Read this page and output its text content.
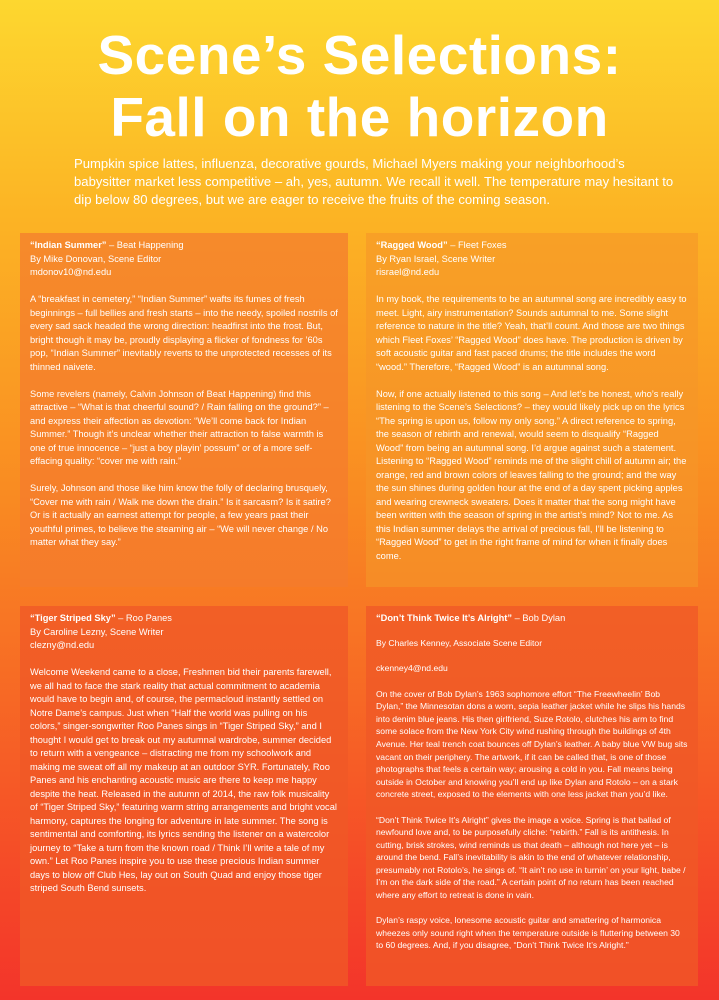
Scene’s Selections:
Fall on the horizon
Pumpkin spice lattes, influenza, decorative gourds, Michael Myers making your neighborhood’s babysitter market less competitive – ah, yes, autumn. We recall it well. The temperature may hesitant to dip below 80 degrees, but we are eager to receive the fruits of the coming season.

“Indian Summer” – Beat Happening

By Mike Donovan, Scene Editor

mdonov10@nd.edu

A “breakfast in cemetery,” “Indian Summer” wafts its fumes of fresh beginnings – full bellies and fresh starts – into the needy, spoiled nostrils of every sad sack headed the wrong direction: headfirst into the frost. But, bright though it may be, proudly displaying a flicker of fondness for ’60s pop, “Indian Summer” inevitably reverts to the unprotected recesses of its thinned naivete.

Some revelers (namely, Calvin Johnson of Beat Happening) find this attractive – “What is that cheerful sound? / Rain falling on the ground?” – and express their affection as devotion: “We’ll come back for Indian Summer.” Though it’s unclear whether their attraction to false warmth is one of true innocence – “just a boy playin’ possum” or of a more self-effacing quality: “cover me with rain.”

Surely, Johnson and those like him know the folly of declaring brusquely, “Cover me with rain / Walk me down the drain.” Is it sarcasm? Is it satire? Or is it actually an earnest attempt for people, a few years past their youthful primes, to believe the steaming air – “We will never change / No matter what they say.”

“Ragged Wood” – Fleet Foxes

By Ryan Israel, Scene Writer

risrael@nd.edu

In my book, the requirements to be an autumnal song are incredibly easy to meet. Light, airy instrumentation? Sounds autumnal to me. Some slight reference to nature in the title? Yeah, that’ll count. And those are two things which Fleet Foxes’ “Ragged Wood” does have. The production is driven by soft acoustic guitar and fast paced drums; the title includes the word “wood.” Therefore, “Ragged Wood” is an autumnal song.

Now, if one actually listened to this song – And let’s be honest, who’s really listening to the Scene’s Selections? – they would likely pick up on the lyrics “The spring is upon us, follow my only song.” A direct reference to spring, the season of rebirth and renewal, would seem to disqualify “Ragged Wood” from being an autumnal song. I’d argue against such a statement. Listening to “Ragged Wood” reminds me of the slight chill of autumn air; the orange, red and brown colors of leaves falling to the ground; and the way the sun shines during golden hour at the end of a day spent picking apples and wearing crewneck sweaters. Does it matter that the song might have been written with the season of spring in the artist’s mind? Not to me. As this Indian summer delays the arrival of precious fall, I’ll be listening to “Ragged Wood” to get in the right frame of mind for when it finally does come.

“Tiger Striped Sky” – Roo Panes

By Caroline Lezny, Scene Writer

clezny@nd.edu

Welcome Weekend came to a close, Freshmen bid their parents farewell, we all had to face the stark reality that actual commitment to academia would have to begin and, of course, the permacloud instantly settled on Notre Dame’s campus. Just when “Half the world was pulling on his colors,” singer-songwriter Roo Panes sings in “Tiger Striped Sky,” and I thought I would get to break out my autumnal wardrobe, summer decided to return with a vengeance – distracting me from my schoolwork and making me sweat off all my makeup at an outdoor SYR. Fortunately, Roo Panes and his enchanting acoustic music are there to keep me happy despite the heat. Released in the autumn of 2014, the raw folk musicality of “Tiger Striped Sky,” featuring warm string arrangements and bright vocal harmony, captures the longing for adventure in late summer. The song is sentimental and comforting, its lyrics sending the listener on a watercolor journey to “Take a turn from the known road / Think I’ll write a tale of my own.” Let Roo Panes inspire you to use these precious Indian summer days to blow off Club Hes, lay out on South Quad and enjoy those tiger striped South Bend sunsets.

“Don’t Think Twice It’s Alright” – Bob Dylan

By Charles Kenney, Associate Scene Editor

ckenney4@nd.edu

On the cover of Bob Dylan’s 1963 sophomore effort “The Freewheelin’ Bob Dylan,” the Minnesotan dons a worn, sepia leather jacket while he slips his hands into denim blue jeans. His then girlfriend, Suze Rotolo, clutches his arm to find some solace from the New York City wind rushing through the buildings of 4th Avenue. Her teal trench coat bounces off Dylan’s leather. A baby blue VW bug sits vacant on their periphery. The artwork, if it can be called that, is one of those photographs that feels a certain way; arousing a cold in you. Fall means being outside in October and knowing you’ll end up like Dylan and Rotolo – on a stark concrete street, exposed to the elements with one less jacket than you’d like.

“Don’t Think Twice It’s Alright” gives the image a voice. Spring is that ballad of newfound love and, to be purposefully cliche: “rebirth.” Fall is its antithesis. In cutting, brisk strokes, wind reminds us that death – although not here yet – is around the bend. Fall’s inevitability is akin to the end of whatever relationship, presumably not Rotolo’s, he sings of. “It ain’t no use in turnin’ on your light, babe / I’m on the dark side of the road.” A certain point of no return has been reached where any effort to retreat is done in vain.

Dylan’s raspy voice, lonesome acoustic guitar and smattering of harmonica wheezes only sound right when the temperature outside is fluttering between 30 to 60 degrees. And, if you disagree, “Don’t Think Twice It’s Alright.”
